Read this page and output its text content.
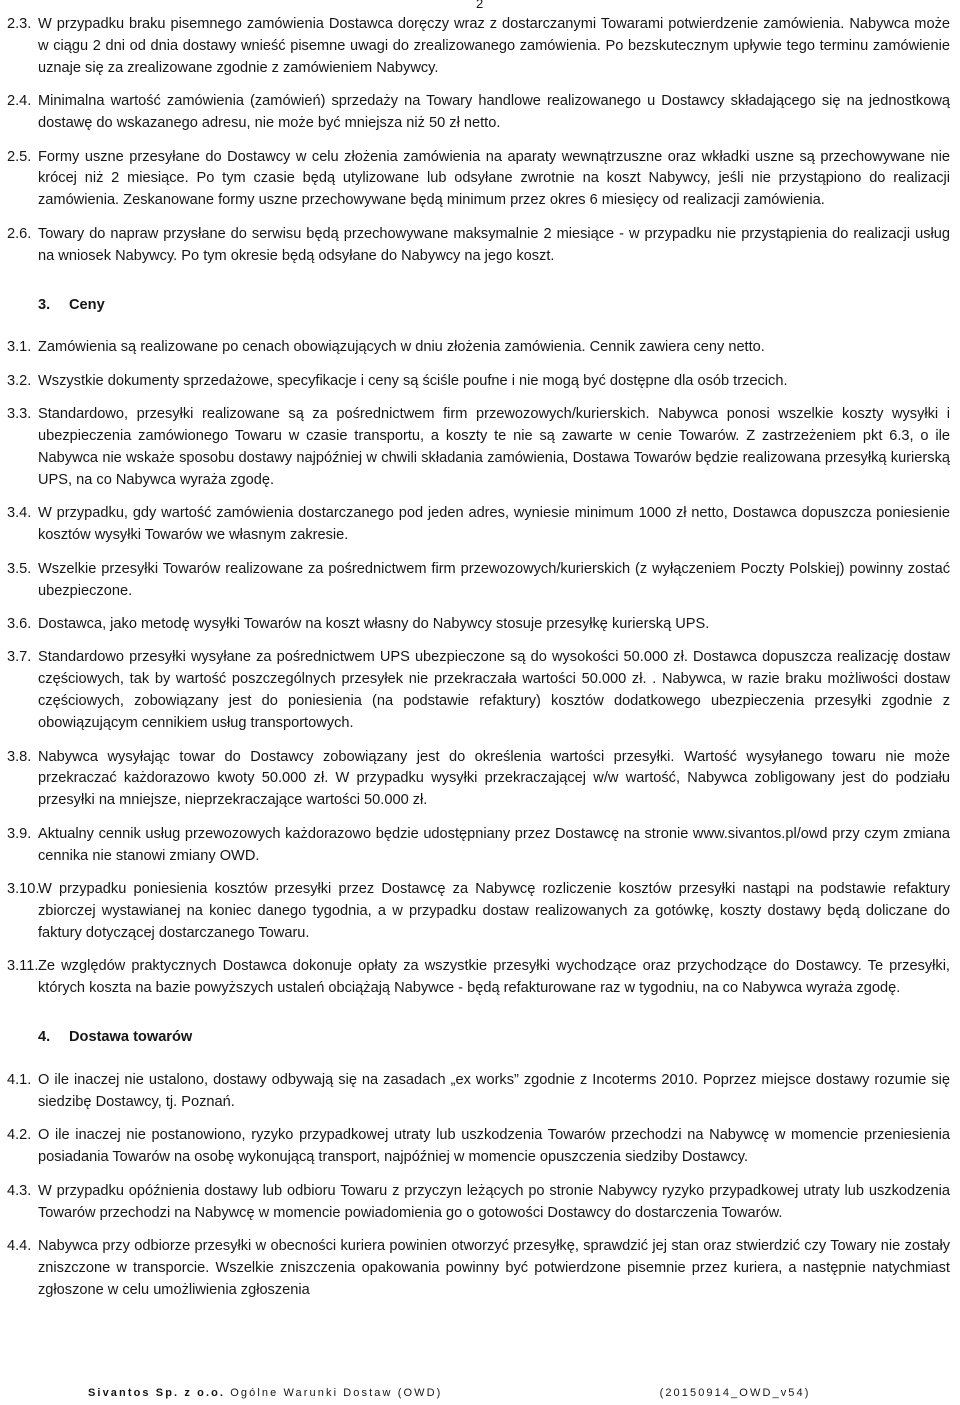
2
2.3. W przypadku braku pisemnego zamówienia Dostawca doręczy wraz z dostarczanymi Towarami potwierdzenie zamówienia. Nabywca może w ciągu 2 dni od dnia dostawy wnieść pisemne uwagi do zrealizowanego zamówienia. Po bezskutecznym upływie tego terminu zamówienie uznaje się za zrealizowane zgodnie z zamówieniem Nabywcy.
2.4. Minimalna wartość zamówienia (zamówień) sprzedaży na Towary handlowe realizowanego u Dostawcy składającego się na jednostkową dostawę do wskazanego adresu, nie może być mniejsza niż 50 zł netto.
2.5. Formy uszne przesyłane do Dostawcy w celu złożenia zamówienia na aparaty wewnątrzuszne oraz wkładki uszne są przechowywane nie krócej niż 2 miesiące. Po tym czasie będą utylizowane lub odsyłane zwrotnie na koszt Nabywcy, jeśli nie przystąpiono do realizacji zamówienia. Zeskanowane formy uszne przechowywane będą minimum przez okres 6 miesięcy od realizacji zamówienia.
2.6. Towary do napraw przysłane do serwisu będą przechowywane maksymalnie 2 miesiące - w przypadku nie przystąpienia do realizacji usług na wniosek Nabywcy. Po tym okresie będą odsyłane do Nabywcy na jego koszt.
3. Ceny
3.1. Zamówienia są realizowane po cenach obowiązujących w dniu złożenia zamówienia. Cennik zawiera ceny netto.
3.2. Wszystkie dokumenty sprzedażowe, specyfikacje i ceny są ściśle poufne i nie mogą być dostępne dla osób trzecich.
3.3. Standardowo, przesyłki realizowane są za pośrednictwem firm przewozowych/kurierskich. Nabywca ponosi wszelkie koszty wysyłki i ubezpieczenia zamówionego Towaru w czasie transportu, a koszty te nie są zawarte w cenie Towarów. Z zastrzeżeniem pkt 6.3, o ile Nabywca nie wskaże sposobu dostawy najpóźniej w chwili składania zamówienia, Dostawa Towarów będzie realizowana przesyłką kurierską UPS, na co Nabywca wyraża zgodę.
3.4. W przypadku, gdy wartość zamówienia dostarczanego pod jeden adres, wyniesie minimum 1000 zł netto, Dostawca dopuszcza poniesienie kosztów wysyłki Towarów we własnym zakresie.
3.5. Wszelkie przesyłki Towarów realizowane za pośrednictwem firm przewozowych/kurierskich (z wyłączeniem Poczty Polskiej) powinny zostać ubezpieczone.
3.6. Dostawca, jako metodę wysyłki Towarów na koszt własny do Nabywcy stosuje przesyłkę kurierską UPS.
3.7. Standardowo przesyłki wysyłane za pośrednictwem UPS ubezpieczone są do wysokości 50.000 zł. Dostawca dopuszcza realizację dostaw częściowych, tak by wartość poszczególnych przesyłek nie przekraczała wartości 50.000 zł. . Nabywca, w razie braku możliwości dostaw częściowych, zobowiązany jest do poniesienia (na podstawie refaktury) kosztów dodatkowego ubezpieczenia przesyłki zgodnie z obowiązującym cennikiem usług transportowych.
3.8. Nabywca wysyłając towar do Dostawcy zobowiązany jest do określenia wartości przesyłki. Wartość wysyłanego towaru nie może przekraczać każdorazowo kwoty 50.000 zł. W przypadku wysyłki przekraczającej w/w wartość, Nabywca zobligowany jest do podziału przesyłki na mniejsze, nieprzekraczające wartości 50.000 zł.
3.9. Aktualny cennik usług przewozowych każdorazowo będzie udostępniany przez Dostawcę na stronie www.sivantos.pl/owd przy czym zmiana cennika nie stanowi zmiany OWD.
3.10.
W przypadku poniesienia kosztów przesyłki przez Dostawcę za Nabywcę rozliczenie kosztów przesyłki nastąpi na podstawie refaktury zbiorczej wystawianej na koniec danego tygodnia, a w przypadku dostaw realizowanych za gotówkę, koszty dostawy będą doliczane do faktury dotyczącej dostarczanego Towaru.
3.11. Ze względów praktycznych Dostawca dokonuje opłaty za wszystkie przesyłki wychodzące oraz przychodzące do Dostawcy. Te przesyłki, których koszta na bazie powyższych ustaleń obciążają Nabywce - będą refakturowane raz w tygodniu, na co Nabywca wyraża zgodę.
4. Dostawa towarów
4.1. O ile inaczej nie ustalono, dostawy odbywają się na zasadach „ex works” zgodnie z Incoterms 2010. Poprzez miejsce dostawy rozumie się siedzibę Dostawcy, tj. Poznań.
4.2. O ile inaczej nie postanowiono, ryzyko przypadkowej utraty lub uszkodzenia Towarów przechodzi na Nabywcę w momencie przeniesienia posiadania Towarów na osobę wykonującą transport, najpóźniej w momencie opuszczenia siedziby Dostawcy.
4.3. W przypadku opóźnienia dostawy lub odbioru Towaru z przyczyn leżących po stronie Nabywcy ryzyko przypadkowej utraty lub uszkodzenia Towarów przechodzi na Nabywcę w momencie powiadomienia go o gotowości Dostawcy do dostarczenia Towarów.
4.4. Nabywca przy odbiorze przesyłki w obecności kuriera powinien otworzyć przesyłkę, sprawdzić jej stan oraz stwierdzić czy Towary nie zostały zniszczone w transporcie. Wszelkie zniszczenia opakowania powinny być potwierdzone pisemnie przez kuriera, a następnie natychmiast zgłoszone w celu umożliwienia zgłoszenia
Sivantos Sp. z o.o. Ogólne Warunki Dostaw (OWD)	(20150914_OWD_v54)
